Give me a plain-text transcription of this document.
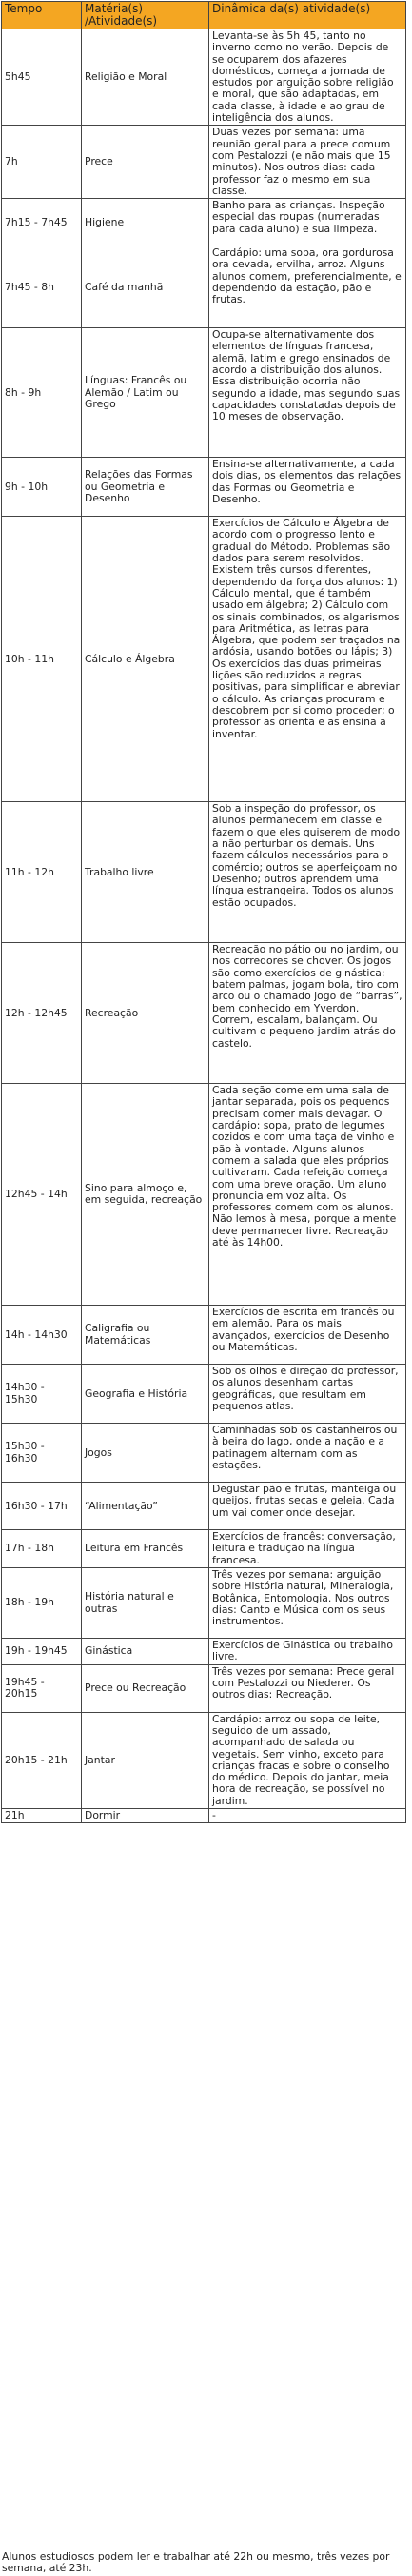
Tempo	Matéria(s) /Atividade(s)	Dinâmica da(s) atividade(s)
5h45	Religião e Moral	Levanta-se às 5h 45, tanto no inverno como no verão. Depois de se ocuparem dos afazeres domésticos, começa a jornada de estudos por arguição sobre religião e moral, que são adaptadas, em cada classe, à idade e ao grau de inteligência dos alunos.
7h	Prece	Duas vezes por semana: uma reunião geral para a prece comum com Pestalozzi (e não mais que 15 minutos). Nos outros dias: cada professor faz o mesmo em sua classe.
7h15 - 7h45	Higiene	Banho para as crianças. Inspeção especial das roupas (numeradas para cada aluno) e sua limpeza.
7h45 - 8h	Café da manhã	Cardápio: uma sopa, ora gordurosa ora cevada, ervilha, arroz. Alguns alunos comem, preferencialmente, e dependendo da estação, pão e frutas.
8h - 9h	Línguas: Francês ou Alemão / Latim ou Grego	Ocupa-se alternativamente dos elementos de línguas francesa, alemã, latim e grego ensinados de acordo a distribuição dos alunos. Essa distribuição ocorria não segundo a idade, mas segundo suas capacidades constatadas depois de 10 meses de observação.
9h - 10h	Relações das Formas ou Geometria e Desenho	Ensina-se alternativamente, a cada dois dias, os elementos das relações das Formas ou Geometria e Desenho.
10h - 11h	Cálculo e Álgebra	Exercícios de Cálculo e Álgebra de acordo com o progresso lento e gradual do Método. Problemas são dados para serem resolvidos. Existem três cursos diferentes, dependendo da força dos alunos: 1) Cálculo mental, que é também usado em álgebra; 2) Cálculo com os sinais combinados, os algarismos para Aritmética, as letras para Álgebra, que podem ser traçados na ardósia, usando botões ou lápis; 3) Os exercícios das duas primeiras lições são reduzidos a regras positivas, para simplificar e abreviar o cálculo. As crianças procuram e descobrem por si como proceder; o professor as orienta e as ensina a inventar.
11h - 12h	Trabalho livre	Sob a inspeção do professor, os alunos permanecem em classe e fazem o que eles quiserem de modo a não perturbar os demais. Uns fazem cálculos necessários para o comércio; outros se aperfeiçoam no Desenho; outros aprendem uma língua estrangeira. Todos os alunos estão ocupados.
12h - 12h45	Recreação	Recreação no pátio ou no jardim, ou nos corredores se chover. Os jogos são como exercícios de ginástica: batem palmas, jogam bola, tiro com arco ou o chamado jogo de “barras”, bem conhecido em Yverdon. Correm, escalam, balançam. Ou cultivam o pequeno jardim atrás do castelo.
12h45 - 14h	Sino para almoço e, em seguida, recreação	Cada seção come em uma sala de jantar separada, pois os pequenos precisam comer mais devagar. O cardápio: sopa, prato de legumes cozidos e com uma taça de vinho e pão à vontade. Alguns alunos comem a salada que eles próprios cultivaram. Cada refeição começa com uma breve oração. Um aluno pronuncia em voz alta. Os professores comem com os alunos. Não lemos à mesa, porque a mente deve permanecer livre. Recreação até às 14h00.
14h - 14h30	Caligrafia ou Matemáticas	Exercícios de escrita em francês ou em alemão. Para os mais avançados, exercícios de Desenho ou Matemáticas.
14h30 - 15h30	Geografia e História	Sob os olhos e direção do professor, os alunos desenham cartas geográficas, que resultam em pequenos atlas.
15h30 - 16h30	Jogos	Caminhadas sob os castanheiros ou à beira do lago, onde a nação e a patinagem alternam com as estações.
16h30 - 17h	“Alimentação”	Degustar pão e frutas, manteiga ou queijos, frutas secas e geleia. Cada um vai comer onde desejar.
17h - 18h	Leitura em Francês	Exercícios de francês: conversação, leitura e tradução na língua francesa.
18h - 19h	História natural e outras	Três vezes por semana: arguição sobre História natural, Mineralogia, Botânica, Entomologia. Nos outros dias: Canto e Música com os seus instrumentos.
19h - 19h45	Ginástica	Exercícios de Ginástica ou trabalho livre.
19h45 - 20h15	Prece ou Recreação	Três vezes por semana: Prece geral com Pestalozzi ou Niederer. Os outros dias: Recreação.
20h15 - 21h	Jantar	Cardápio: arroz ou sopa de leite, seguido de um assado, acompanhado de salada ou vegetais. Sem vinho, exceto para crianças fracas e sobre o conselho do médico. Depois do jantar, meia hora de recreação, se possível no jardim.
21h	Dormir	-
Alunos estudiosos podem ler e trabalhar até 22h ou mesmo, três vezes por semana, até 23h.
